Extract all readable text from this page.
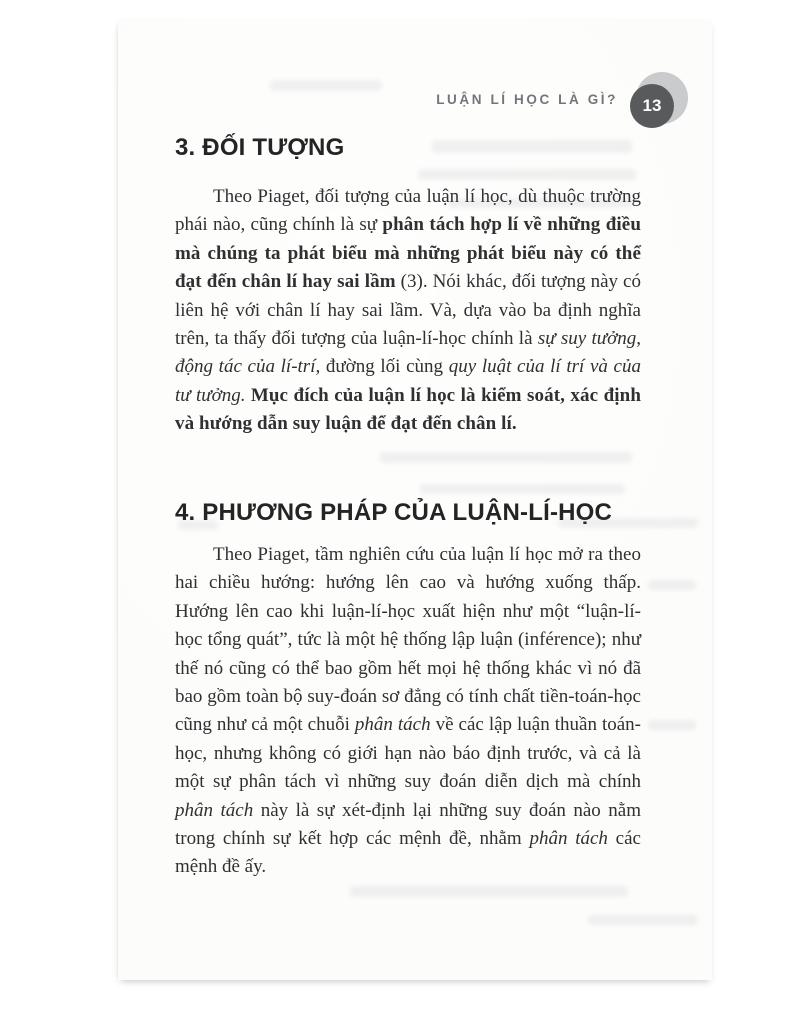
LUẬN LÍ HỌC LÀ GÌ? 13
3. ĐỐI TƯỢNG

Theo Piaget, đối tượng của luận lí học, dù thuộc trường phái nào, cũng chính là sự phân tách hợp lí về những điều mà chúng ta phát biểu mà những phát biểu này có thể đạt đến chân lí hay sai lầm (3). Nói khác, đối tượng này có liên hệ với chân lí hay sai lầm. Và, dựa vào ba định nghĩa trên, ta thấy đối tượng của luận-lí-học chính là sự suy tưởng, động tác của lí-trí, đường lối cùng quy luật của lí trí và của tư tưởng. Mục đích của luận lí học là kiểm soát, xác định và hướng dẫn suy luận để đạt đến chân lí.

4. PHƯƠNG PHÁP CỦA LUẬN-LÍ-HỌC

Theo Piaget, tầm nghiên cứu của luận lí học mở ra theo hai chiều hướng: hướng lên cao và hướng xuống thấp. Hướng lên cao khi luận-lí-học xuất hiện như một “luận-lí-học tổng quát”, tức là một hệ thống lập luận (inférence); như thế nó cũng có thể bao gồm hết mọi hệ thống khác vì nó đã bao gồm toàn bộ suy-đoán sơ đẳng có tính chất tiền-toán-học cũng như cả một chuỗi phân tách về các lập luận thuần toán-học, nhưng không có giới hạn nào báo định trước, và cả là một sự phân tách vì những suy đoán diễn dịch mà chính phân tách này là sự xét-định lại những suy đoán nào nằm trong chính sự kết hợp các mệnh đề, nhằm phân tách các mệnh đề ấy.
